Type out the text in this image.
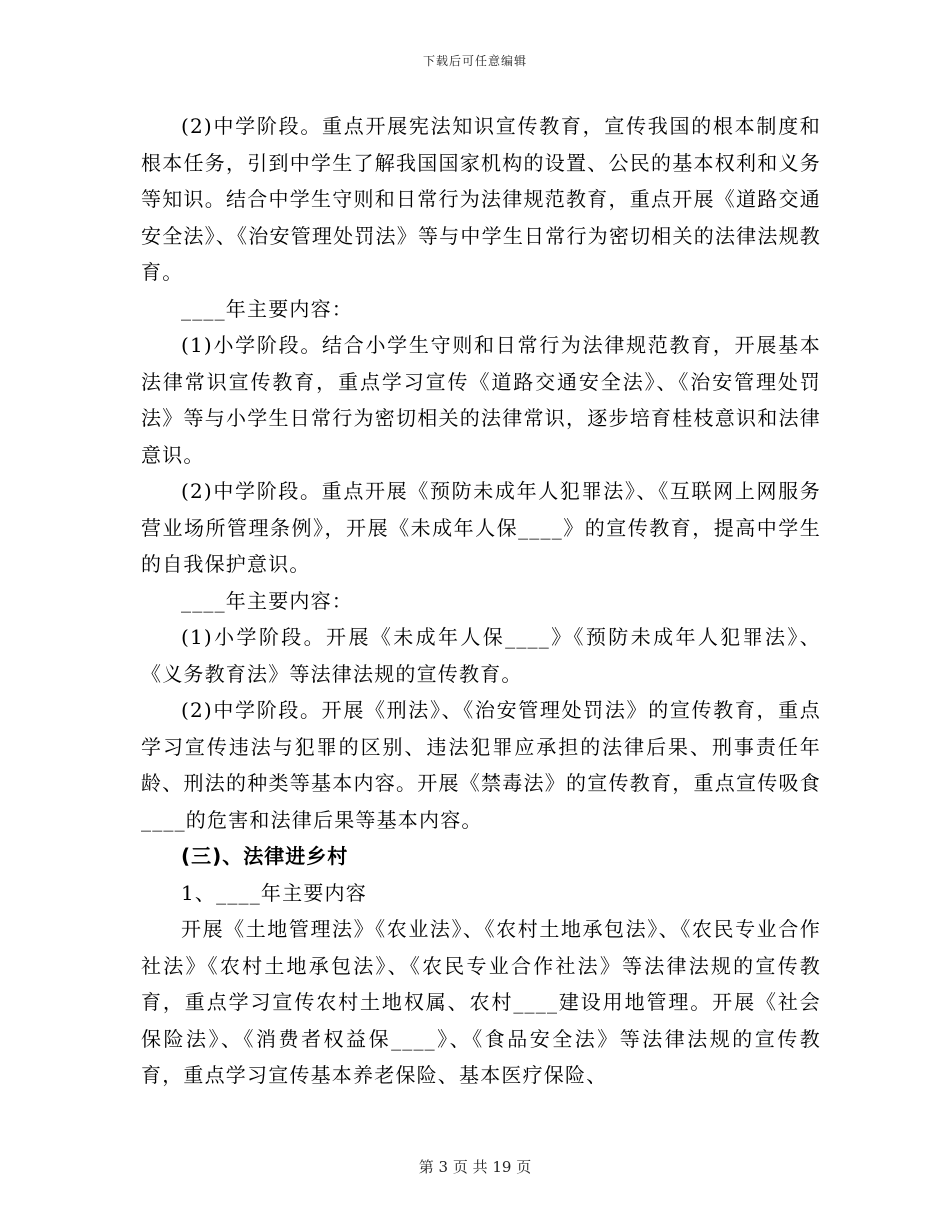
下载后可任意编辑

(2)中学阶段。重点开展宪法知识宣传教育，宣传我国的根本制度和根本任务，引到中学生了解我国国家机构的设置、公民的基本权利和义务等知识。结合中学生守则和日常行为法律规范教育，重点开展《道路交通安全法》、《治安管理处罚法》等与中学生日常行为密切相关的法律法规教育。

____年主要内容：

(1)小学阶段。结合小学生守则和日常行为法律规范教育，开展基本法律常识宣传教育，重点学习宣传《道路交通安全法》、《治安管理处罚法》等与小学生日常行为密切相关的法律常识，逐步培育桂枝意识和法律意识。

(2)中学阶段。重点开展《预防未成年人犯罪法》、《互联网上网服务营业场所管理条例》，开展《未成年人保____》的宣传教育，提高中学生的自我保护意识。

____年主要内容：

(1)小学阶段。开展《未成年人保____》《预防未成年人犯罪法》、《义务教育法》等法律法规的宣传教育。

(2)中学阶段。开展《刑法》、《治安管理处罚法》的宣传教育，重点学习宣传违法与犯罪的区别、违法犯罪应承担的法律后果、刑事责任年龄、刑法的种类等基本内容。开展《禁毒法》的宣传教育，重点宣传吸食____的危害和法律后果等基本内容。

(三)、法律进乡村

1、____年主要内容

开展《土地管理法》《农业法》、《农村土地承包法》、《农民专业合作社法》《农村土地承包法》、《农民专业合作社法》等法律法规的宣传教育，重点学习宣传农村土地权属、农村____建设用地管理。开展《社会保险法》、《消费者权益保____》、《食品安全法》等法律法规的宣传教育，重点学习宣传基本养老保险、基本医疗保险、

第 3 页 共 19 页
